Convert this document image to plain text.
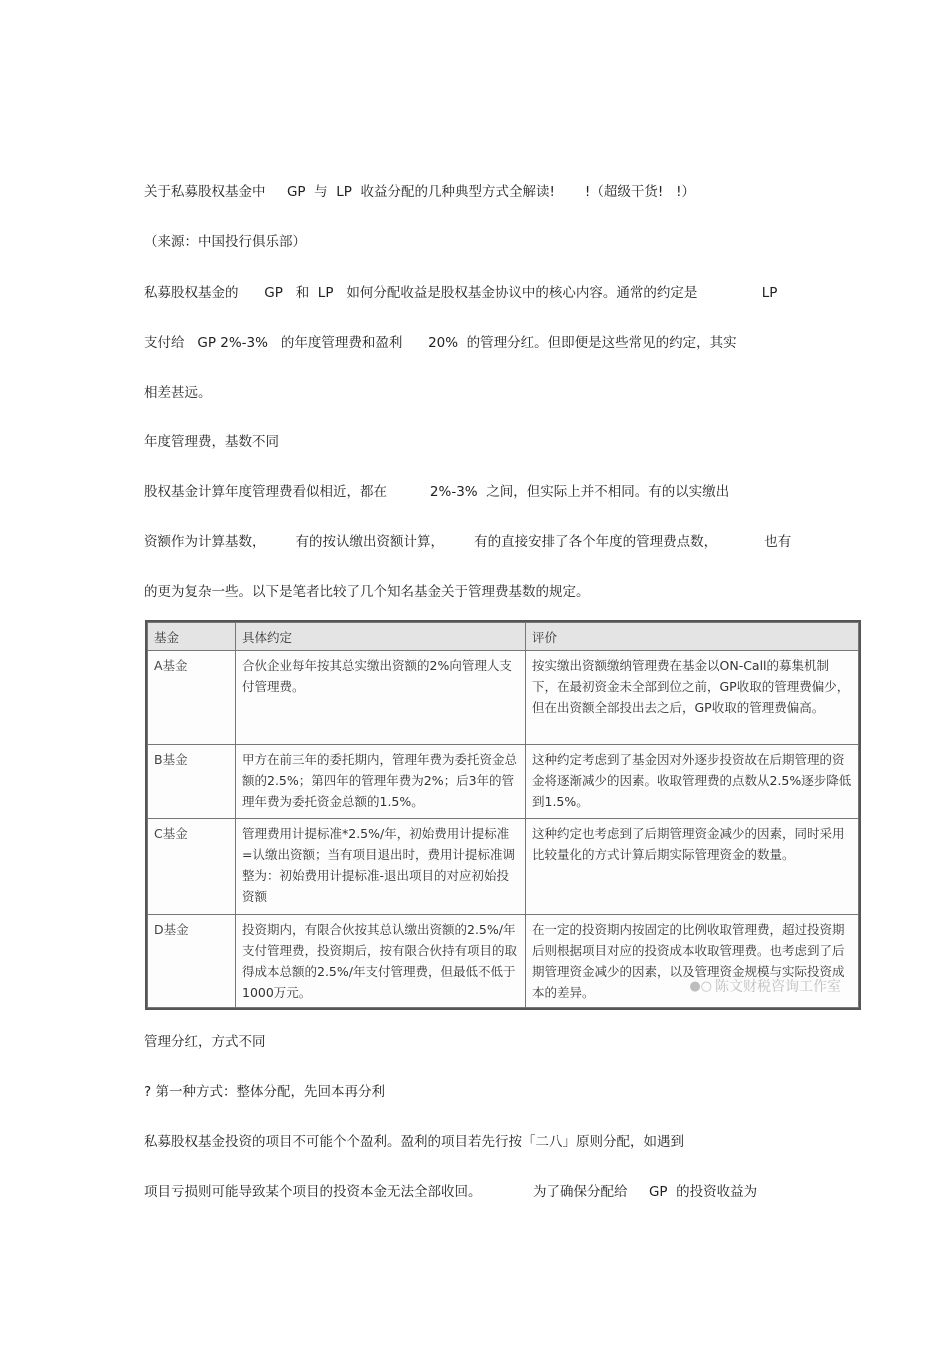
关于私募股权基金中     GP  与  LP  收益分配的几种典型方式全解读!       !（超级干货!   !）
（来源：中国投行俱乐部）
私募股权基金的      GP   和  LP   如何分配收益是股权基金协议中的核心内容。通常的约定是               LP
支付给   GP 2%-3%   的年度管理费和盈利      20%  的管理分红。但即便是这些常见的约定，其实
相差甚远。
年度管理费，基数不同
股权基金计算年度管理费看似相近，都在          2%-3%  之间，但实际上并不相同。有的以实缴出
资额作为计算基数，       有的按认缴出资额计算，       有的直接安排了各个年度的管理费点数，           也有
的更为复杂一些。以下是笔者比较了几个知名基金关于管理费基数的规定。
基金	具体约定	评价
A基金	合伙企业每年按其总实缴出资额的2%向管理人支付管理费。	按实缴出资额缴纳管理费在基金以ON-Call的募集机制下，在最初资金未全部到位之前，GP收取的管理费偏少，但在出资额全部投出去之后，GP收取的管理费偏高。
B基金	甲方在前三年的委托期内，管理年费为委托资金总额的2.5%；第四年的管理年费为2%；后3年的管理年费为委托资金总额的1.5%。	这种约定考虑到了基金因对外逐步投资故在后期管理的资金将逐渐减少的因素。收取管理费的点数从2.5%逐步降低到1.5%。
C基金	管理费用计提标准*2.5%/年，初始费用计提标准=认缴出资额；当有项目退出时，费用计提标准调整为：初始费用计提标准-退出项目的对应初始投资额	这种约定也考虑到了后期管理资金减少的因素，同时采用比较量化的方式计算后期实际管理资金的数量。
D基金	投资期内，有限合伙按其总认缴出资额的2.5%/年支付管理费，投资期后，按有限合伙持有项目的取得成本总额的2.5%/年支付管理费，但最低不低于1000万元。	在一定的投资期内按固定的比例收取管理费，超过投资期后则根据项目对应的投资成本收取管理费。也考虑到了后期管理资金减少的因素，以及管理资金规模与实际投资成本的差异。	●○ 陈文财税咨询工作室
管理分红，方式不同
? 第一种方式：整体分配，先回本再分利
私募股权基金投资的项目不可能个个盈利。盈利的项目若先行按「二八」原则分配，如遇到
项目亏损则可能导致某个项目的投资本金无法全部收回。            为了确保分配给     GP  的投资收益为
